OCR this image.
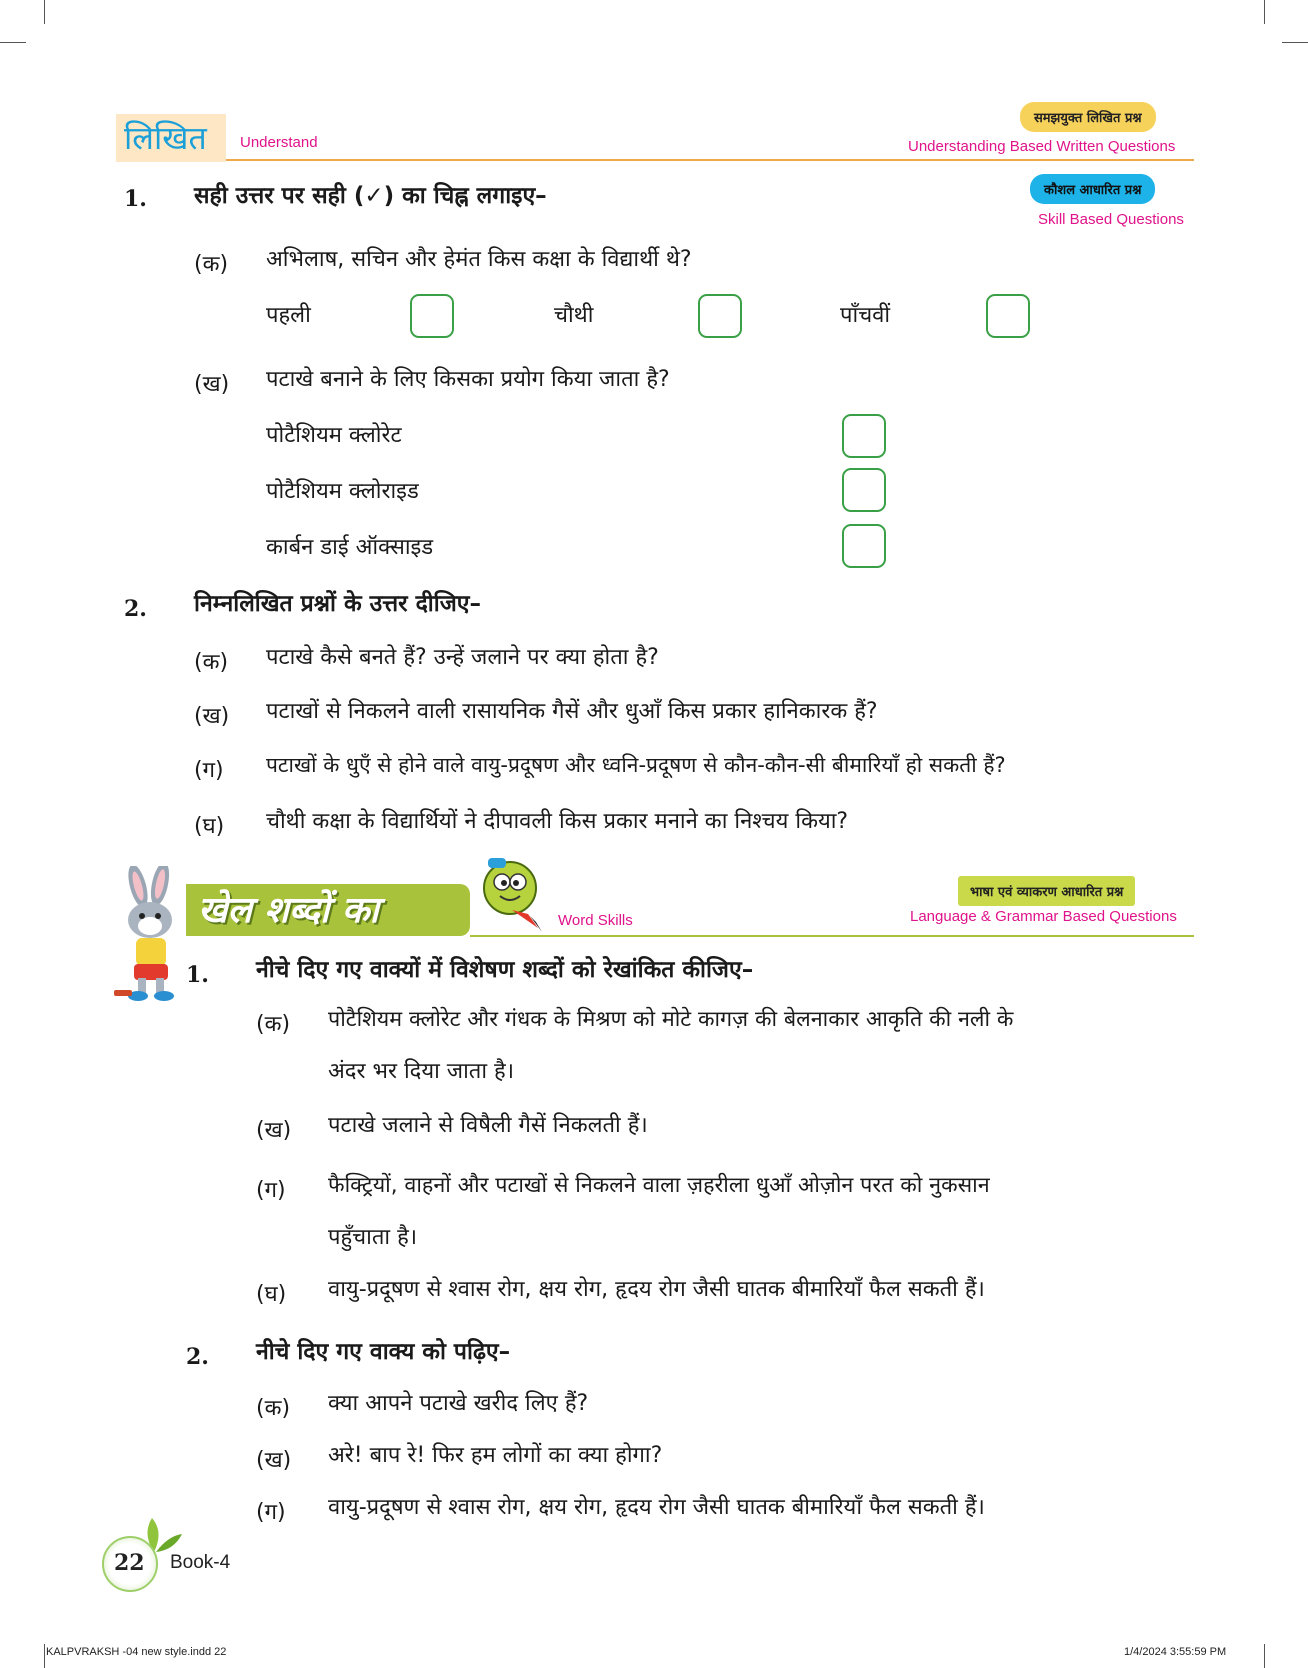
लिखित Understand
समझयुक्त लिखित प्रश्न
Understanding Based Written Questions
कौशल आधारित प्रश्न
Skill Based Questions
1. सही उत्तर पर सही (✓) का चिह्न लगाइए–
(क) अभिलाष, सचिन और हेमंत किस कक्षा के विद्यार्थी थे?
पहली	चौथी	पाँचवीं
(ख) पटाखे बनाने के लिए किसका प्रयोग किया जाता है?
पोटैशियम क्लोरेट
पोटैशियम क्लोराइड
कार्बन डाई ऑक्साइड
2. निम्नलिखित प्रश्नों के उत्तर दीजिए–
(क) पटाखे कैसे बनते हैं? उन्हें जलाने पर क्या होता है?
(ख) पटाखों से निकलने वाली रासायनिक गैसें और धुआँ किस प्रकार हानिकारक हैं?
(ग) पटाखों के धुएँ से होने वाले वायु-प्रदूषण और ध्वनि-प्रदूषण से कौन-कौन-सी बीमारियाँ हो सकती हैं?
(घ) चौथी कक्षा के विद्यार्थियों ने दीपावली किस प्रकार मनाने का निश्चय किया?
खेल शब्दों का	Word Skills
भाषा एवं व्याकरण आधारित प्रश्न
Language & Grammar Based Questions
1. नीचे दिए गए वाक्यों में विशेषण शब्दों को रेखांकित कीजिए–
(क) पोटैशियम क्लोरेट और गंधक के मिश्रण को मोटे कागज़ की बेलनाकार आकृति की नली के
अंदर भर दिया जाता है।
(ख) पटाखे जलाने से विषैली गैसें निकलती हैं।
(ग) फैक्ट्रियों, वाहनों और पटाखों से निकलने वाला ज़हरीला धुआँ ओज़ोन परत को नुकसान
पहुँचाता है।
(घ) वायु-प्रदूषण से श्वास रोग, क्षय रोग, हृदय रोग जैसी घातक बीमारियाँ फैल सकती हैं।
2. नीचे दिए गए वाक्य को पढ़िए–
(क) क्या आपने पटाखे खरीद लिए हैं?
(ख) अरे! बाप रे! फिर हम लोगों का क्या होगा?
(ग) वायु-प्रदूषण से श्वास रोग, क्षय रोग, हृदय रोग जैसी घातक बीमारियाँ फैल सकती हैं।
22 Book-4
KALPVRAKSH -04 new style.indd 22	1/4/2024 3:55:59 PM
